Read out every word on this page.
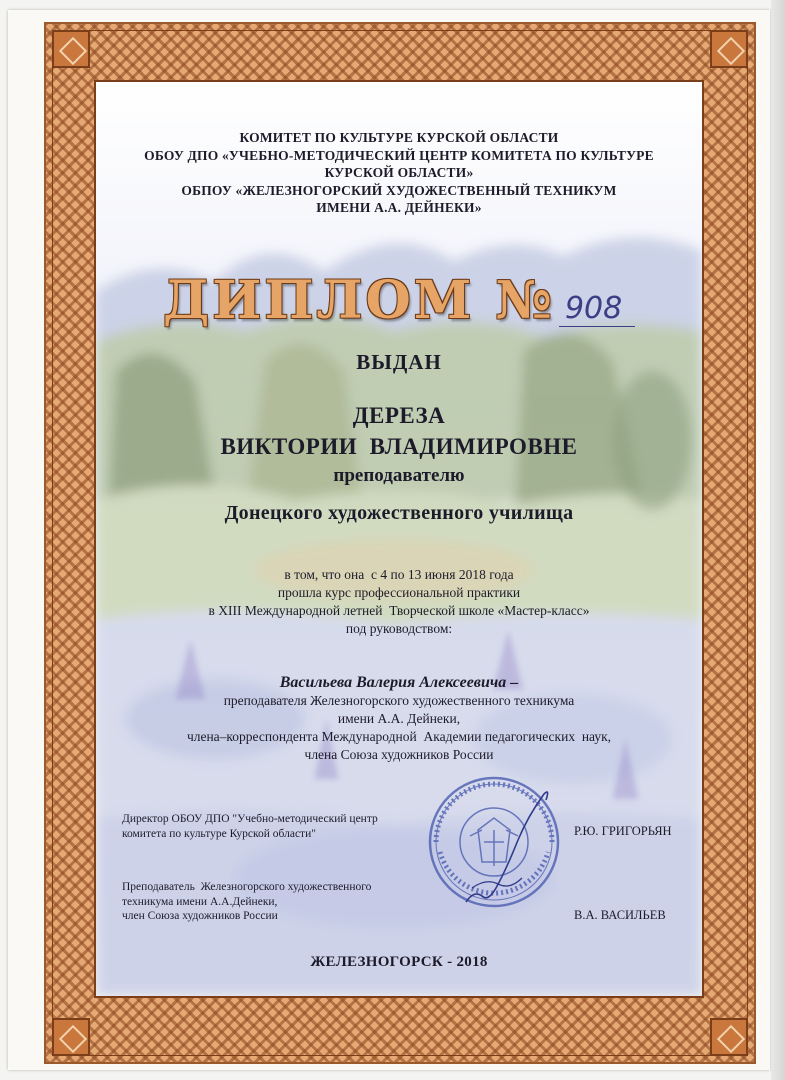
КОМИТЕТ ПО КУЛЬТУРЕ КУРСКОЙ ОБЛАСТИ
ОБОУ ДПО «УЧЕБНО-МЕТОДИЧЕСКИЙ ЦЕНТР КОМИТЕТА ПО КУЛЬТУРЕ
КУРСКОЙ ОБЛАСТИ»
ОБПОУ «ЖЕЛЕЗНОГОРСКИЙ ХУДОЖЕСТВЕННЫЙ ТЕХНИКУМ
ИМЕНИ А.А. ДЕЙНЕКИ»
ДИПЛОМ № 908
ВЫДАН
ДЕРЕЗА
ВИКТОРИИ  ВЛАДИМИРОВНЕ
преподавателю
Донецкого художественного училища
в том, что она  с 4 по 13 июня 2018 года
прошла курс профессиональной практики
в XIII Международной летней  Творческой школе «Мастер-класс»
под руководством:
Васильева Валерия Алексеевича –
преподавателя Железногорского художественного техникума
имени А.А. Дейнеки,
члена–корреспондента Международной  Академии педагогических  наук,
члена Союза художников России
Директор ОБОУ ДПО "Учебно-методический центр
комитета по культуре Курской области"	Р.Ю. ГРИГОРЬЯН
Преподаватель  Железногорского художественного
техникума имени А.А.Дейнеки,
член Союза художников России	В.А. ВАСИЛЬЕВ
ЖЕЛЕЗНОГОРСК - 2018
